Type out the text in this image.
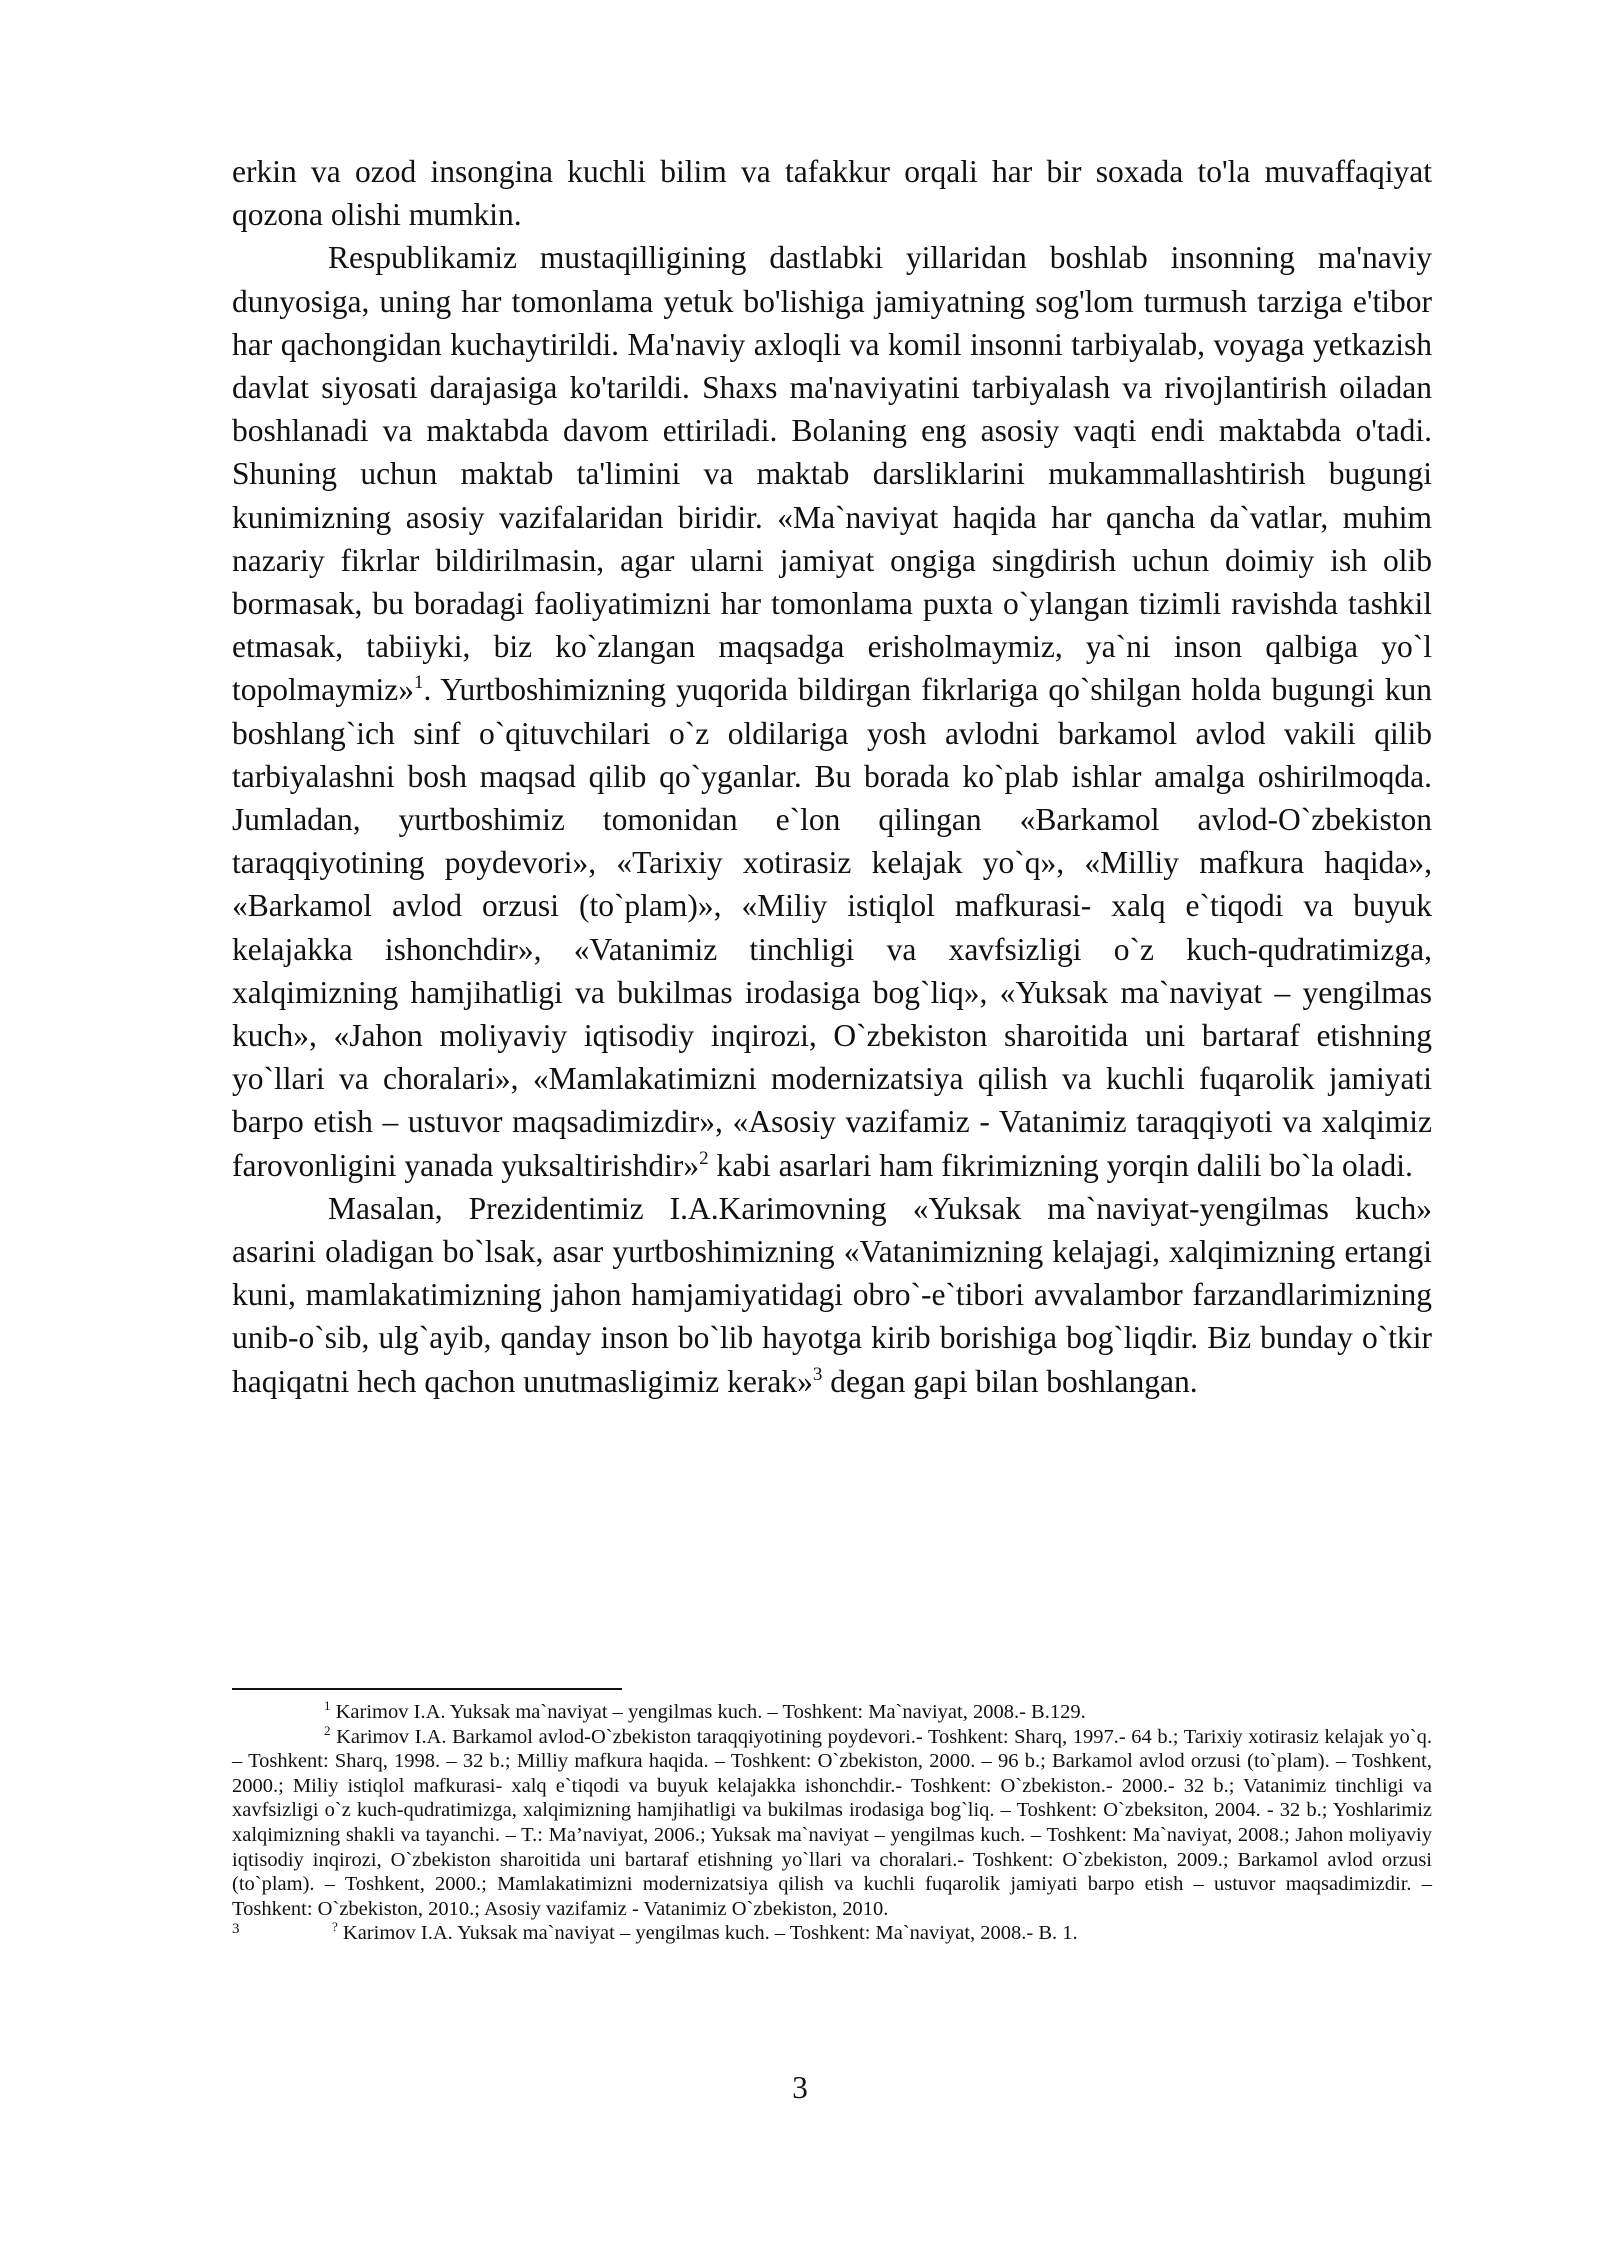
erkin va ozod insongina kuchli bilim va tafakkur orqali har bir soxada to'la muvaffaqiyat qozona olishi mumkin.

Respublikamiz mustaqilligining dastlabki yillaridan boshlab insonning ma'naviy dunyosiga, uning har tomonlama yetuk bo'lishiga jamiyatning sog'lom turmush tarziga e'tibor har qachongidan kuchaytirildi. Ma'naviy axloqli va komil insonni tarbiyalab, voyaga yetkazish davlat siyosati darajasiga ko'tarildi. Shaxs ma'naviyatini tarbiyalash va rivojlantirish oiladan boshlanadi va maktabda davom ettiriladi. Bolaning eng asosiy vaqti endi maktabda o'tadi. Shuning uchun maktab ta'limini va maktab darsliklarini mukammallashtirish bugungi kunimizning asosiy vazifalaridan biridir. «Ma`naviyat haqida har qancha da`vatlar, muhim nazariy fikrlar bildirilmasin, agar ularni jamiyat ongiga singdirish uchun doimiy ish olib bormasak, bu boradagi faoliyatimizni har tomonlama puxta o`ylangan tizimli ravishda tashkil etmasak, tabiiyki, biz ko`zlangan maqsadga erisholmaymiz, ya`ni inson qalbiga yo`l topolmaymiz»$^1$. Yurtboshimizning yuqorida bildirgan fikrlariga qo`shilgan holda bugungi kun boshlang`ich sinf o`qituvchilari o`z oldilariga yosh avlodni barkamol avlod vakili qilib tarbiyalashni bosh maqsad qilib qo`yganlar. Bu borada ko`plab ishlar amalga oshirilmoqda. Jumladan, yurtboshimiz tomonidan e`lon qilingan «Barkamol avlod-O`zbekiston taraqqiyotining poydevori», «Tarixiy xotirasiz kelajak yo`q», «Milliy mafkura haqida», «Barkamol avlod orzusi (to`plam)», «Miliy istiqlol mafkurasi- xalq e`tiqodi va buyuk kelajakka ishonchdir», «Vatanimiz tinchligi va xavfsizligi o`z kuch-qudratimizga, xalqimizning hamjihatligi va bukilmas irodasiga bog`liq», «Yuksak ma`naviyat – yengilmas kuch», «Jahon moliyaviy iqtisodiy inqirozi, O`zbekiston sharoitida uni bartaraf etishning yo`llari va choralari», «Mamlakatimizni modernizatsiya qilish va kuchli fuqarolik jamiyati barpo etish – ustuvor maqsadimizdir», «Asosiy vazifamiz - Vatanimiz taraqqiyoti va xalqimiz farovonligini yanada yuksaltirishdir»$^2$ kabi asarlari ham fikrimizning yorqin dalili bo`la oladi.

Masalan, Prezidentimiz I.A.Karimovning «Yuksak ma`naviyat-yengilmas kuch» asarini oladigan bo`lsak, asar yurtboshimizning «Vatanimizning kelajagi, xalqimizning ertangi kuni, mamlakatimizning jahon hamjamiyatidagi obro`-e`tibori avvalambor farzandlarimizning unib-o`sib, ulg`ayib, qanday inson bo`lib hayotga kirib borishiga bog`liqdir. Biz bunday o`tkir haqiqatni hech qachon unutmasligimiz kerak»$^3$ degan gapi bilan boshlangan.

$^1$ Karimov I.A. Yuksak ma`naviyat – yengilmas kuch. – Toshkent: Ma`naviyat, 2008.- B.129.

$^2$ Karimov I.A. Barkamol avlod-O`zbekiston taraqqiyotining poydevori.- Toshkent: Sharq, 1997.- 64 b.; Tarixiy xotirasiz kelajak yo`q. – Toshkent: Sharq, 1998. – 32 b.; Milliy mafkura haqida. – Toshkent: O`zbekiston, 2000. – 96 b.; Barkamol avlod orzusi (to`plam). – Toshkent, 2000.; Miliy istiqlol mafkurasi- xalq e`tiqodi va buyuk kelajakka ishonchdir.- Toshkent: O`zbekiston.- 2000.- 32 b.; Vatanimiz tinchligi va xavfsizligi o`z kuch-qudratimizga, xalqimizning hamjihatligi va bukilmas irodasiga bog`liq. – Toshkent: O`zbeksiton, 2004. - 32 b.; Yoshlarimiz xalqimizning shakli va tayanchi. – T.: Ma’naviyat, 2006.; Yuksak ma`naviyat – yengilmas kuch. – Toshkent: Ma`naviyat, 2008.; Jahon moliyaviy iqtisodiy inqirozi, O`zbekiston sharoitida uni bartaraf etishning yo`llari va choralari.- Toshkent: O`zbekiston, 2009.; Barkamol avlod orzusi (to`plam). – Toshkent, 2000.; Mamlakatimizni modernizatsiya qilish va kuchli fuqarolik jamiyati barpo etish – ustuvor maqsadimizdir. – Toshkent: O`zbekiston, 2010.; Asosiy vazifamiz - Vatanimiz O`zbekiston, 2010.

3	? Karimov I.A. Yuksak ma`naviyat – yengilmas kuch. – Toshkent: Ma`naviyat, 2008.- B. 1.

3
